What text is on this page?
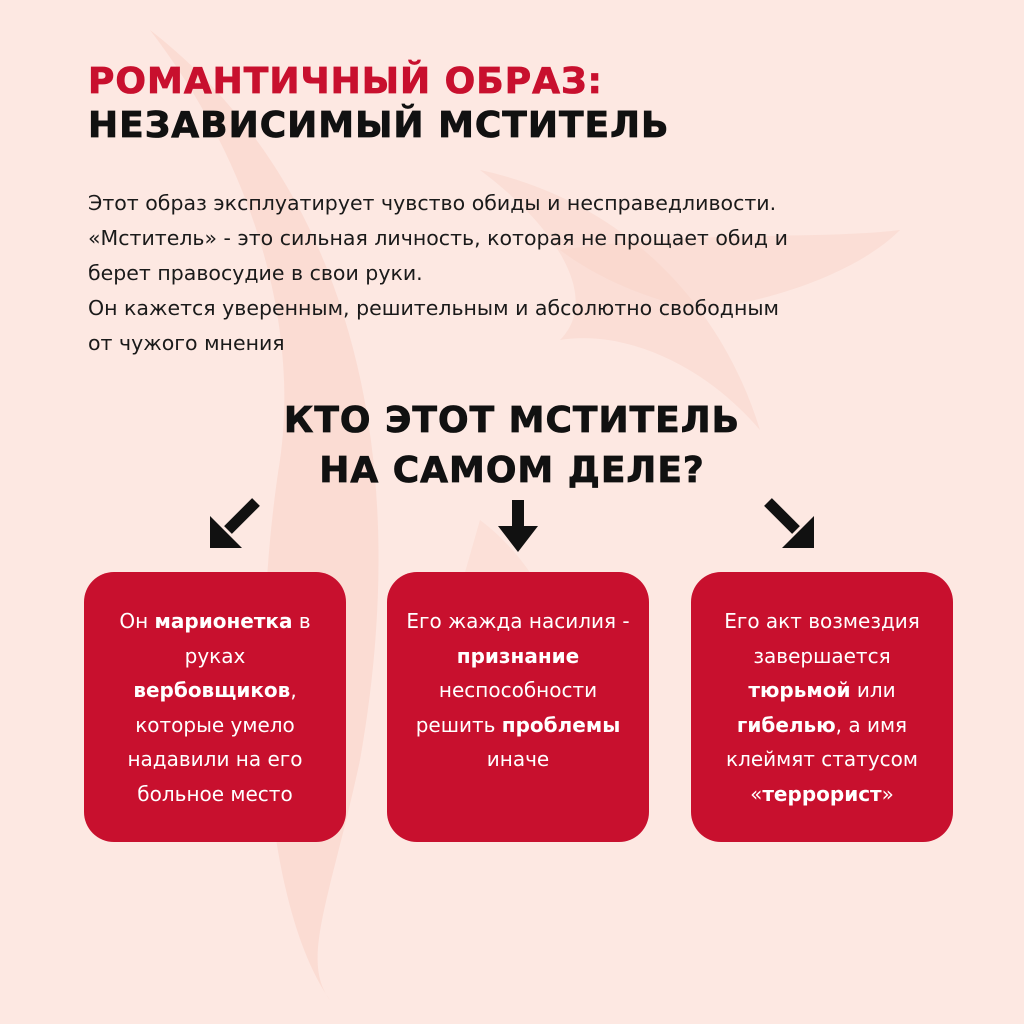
РОМАНТИЧНЫЙ ОБРАЗ:
НЕЗАВИСИМЫЙ МСТИТЕЛЬ

Этот образ эксплуатирует чувство обиды и несправедливости.

«Мститель» - это сильная личность, которая не прощает обид и

берет правосудие в свои руки.

Он кажется уверенным, решительным и абсолютно свободным

от чужого мнения

КТО ЭТОТ МСТИТЕЛЬ
НА САМОМ ДЕЛЕ?
Он марионетка в руках вербовщиков, которые умело надавили на его больное место
Его жажда насилия - признание неспособности решить проблемы иначе
Его акт возмездия завершается тюрьмой или гибелью, а имя клеймят статусом «террорист»
